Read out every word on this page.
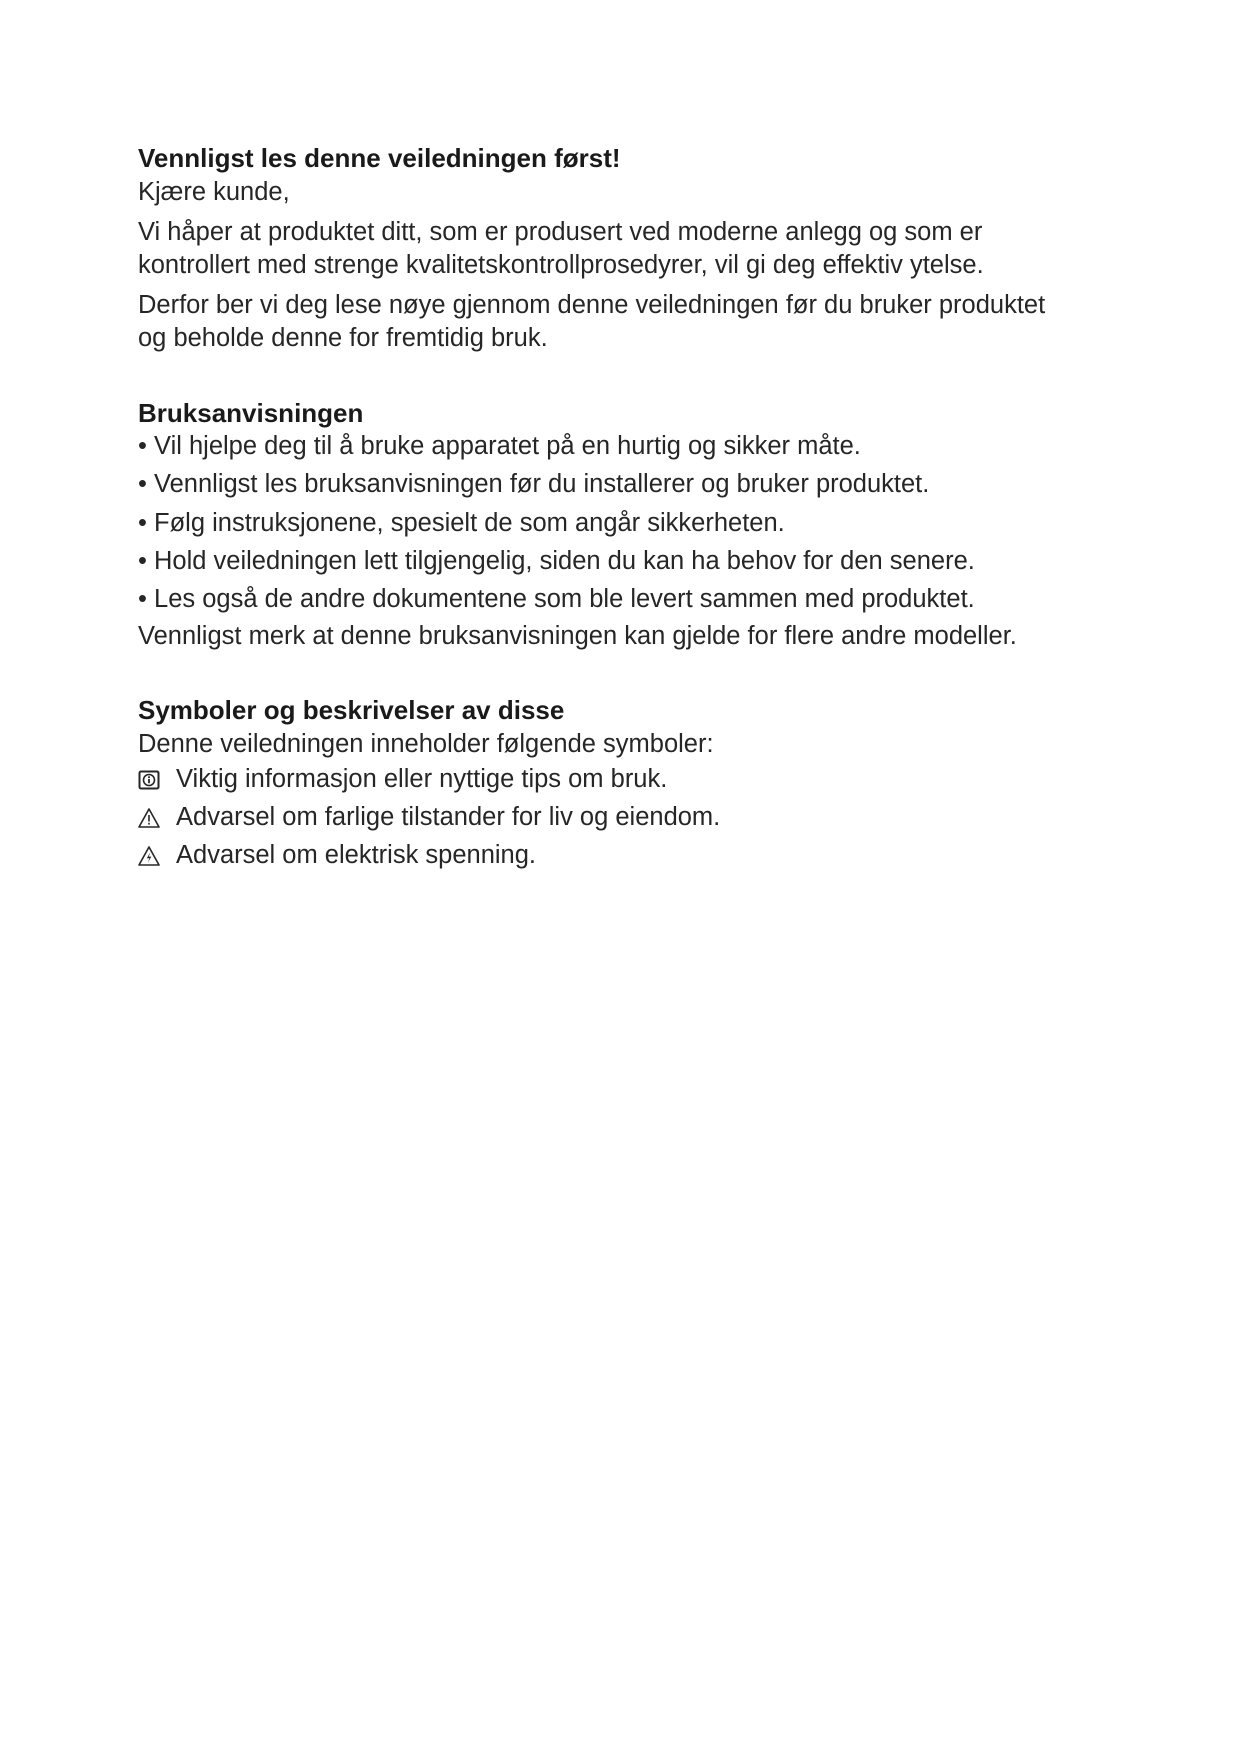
Vennligst les denne veiledningen først!

Kjære kunde,

Vi håper at produktet ditt, som er produsert ved moderne anlegg og som er

kontrollert med strenge kvalitetskontrollprosedyrer, vil gi deg effektiv ytelse.

Derfor ber vi deg lese nøye gjennom denne veiledningen før du bruker produktet

og beholde denne for fremtidig bruk.

Bruksanvisningen
• Vil hjelpe deg til å bruke apparatet på en hurtig og sikker måte.
• Vennligst les bruksanvisningen før du installerer og bruker produktet.
• Følg instruksjonene, spesielt de som angår sikkerheten.
• Hold veiledningen lett tilgjengelig, siden du kan ha behov for den senere.
• Les også de andre dokumentene som ble levert sammen med produktet.

Vennligst merk at denne bruksanvisningen kan gjelde for flere andre modeller.

Symboler og beskrivelser av disse

Denne veiledningen inneholder følgende symboler:

Viktig informasjon eller nyttige tips om bruk.
Advarsel om farlige tilstander for liv og eiendom.
Advarsel om elektrisk spenning.
